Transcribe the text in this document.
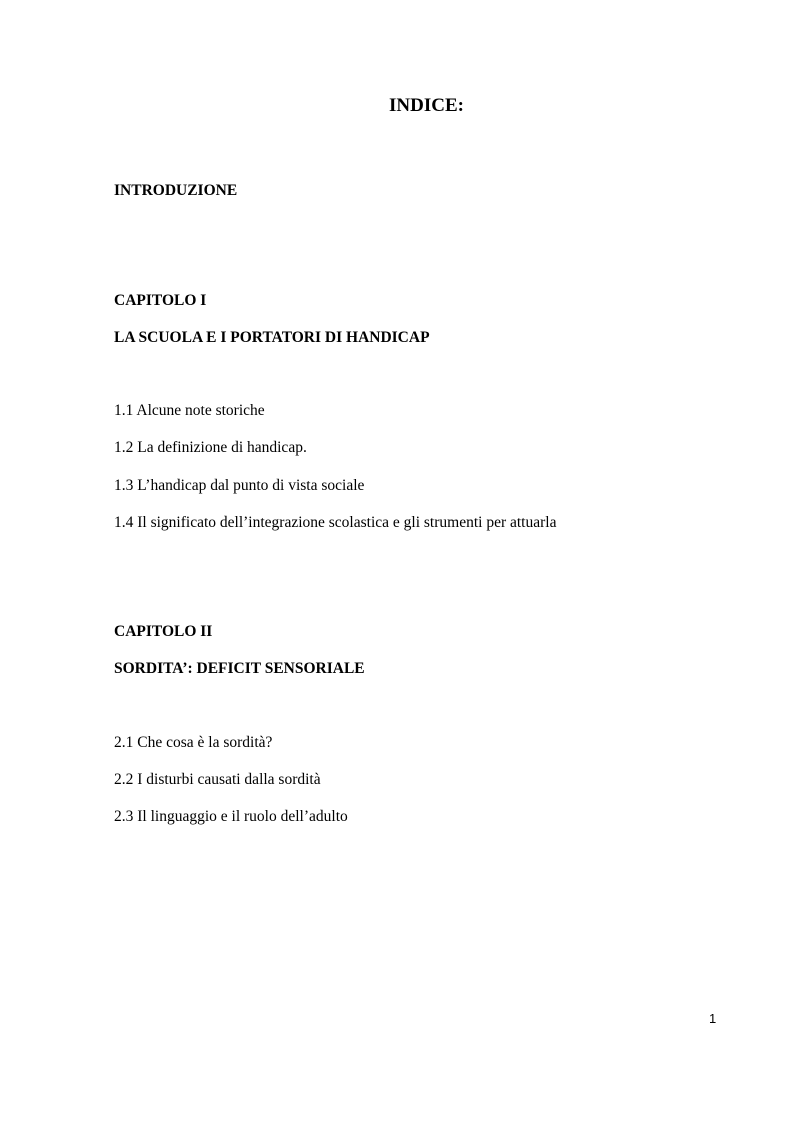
INDICE:
INTRODUZIONE
CAPITOLO I
LA SCUOLA E I PORTATORI DI HANDICAP
1.1 Alcune note storiche
1.2 La definizione di handicap.
1.3 L’handicap dal punto di vista sociale
1.4 Il significato dell’integrazione scolastica e gli strumenti per attuarla
CAPITOLO II
SORDITA’: DEFICIT SENSORIALE
2.1 Che cosa è la sordità?
2.2 I disturbi causati dalla sordità
2.3 Il linguaggio e il ruolo dell’adulto
1
